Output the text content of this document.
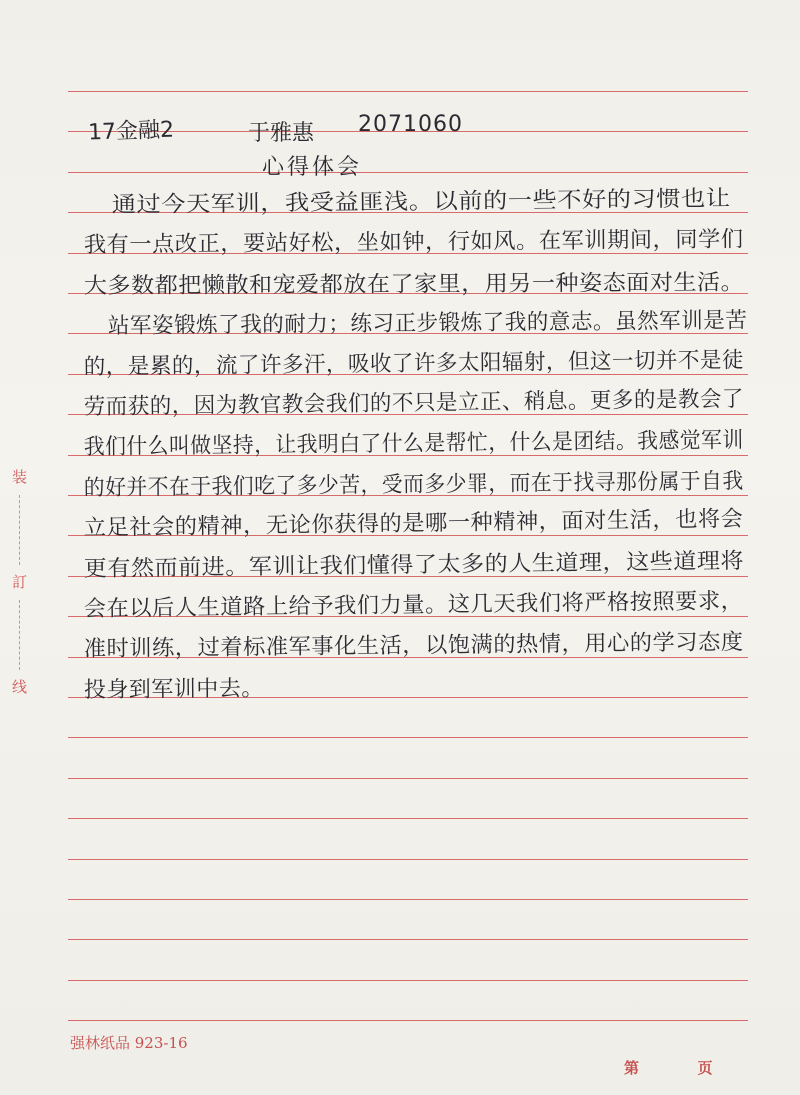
装
訂
线
17金融2	于雅惠 2071060
心得体会
通过今天军训，我受益匪浅。以前的一些不好的习惯也让
我有一点改正，要站好松，坐如钟，行如风。在军训期间，同学们
大多数都把懒散和宠爱都放在了家里，用另一种姿态面对生活。
站军姿锻炼了我的耐力；练习正步锻炼了我的意志。虽然军训是苦
的，是累的，流了许多汗，吸收了许多太阳辐射，但这一切并不是徒
劳而获的，因为教官教会我们的不只是立正、稍息。更多的是教会了
我们什么叫做坚持，让我明白了什么是帮忙，什么是团结。我感觉军训
的好并不在于我们吃了多少苦，受而多少罪，而在于找寻那份属于自我
立足社会的精神，无论你获得的是哪一种精神，面对生活，也将会
更有然而前进。军训让我们懂得了太多的人生道理，这些道理将
会在以后人生道路上给予我们力量。这几天我们将严格按照要求，
准时训练，过着标准军事化生活，以饱满的热情，用心的学习态度
投身到军训中去。
强林纸品 923-16
第	页
